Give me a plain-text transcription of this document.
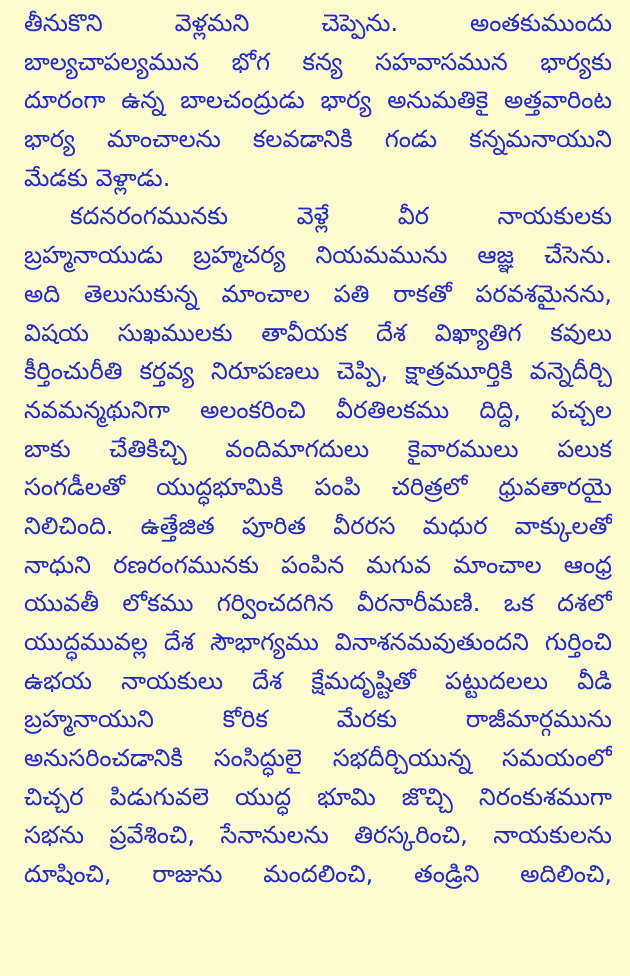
తీనుకొని వెళ్లమని చెప్పెను. అంతకుముందు
బాల్యచాపల్యమున భోగ కన్య సహవాసమున భార్యకు
దూరంగా ఉన్న బాలచంద్రుడు భార్య అనుమతికై అత్తవారింట
భార్య మాంచాలను కలవడానికి గండు కన్నమనాయుని
మేడకు వెళ్లాడు.
కదనరంగమునకు వెళ్లే వీర నాయకులకు
బ్రహ్మనాయుడు బ్రహ్మచర్య నియమమును ఆజ్ఞ చేసెను.
అది తెలుసుకున్న మాంచాల పతి రాకతో పరవశమైనను,
విషయ సుఖములకు తావీయక దేశ విఖ్యాతిగ కవులు
కీర్తించురీతి కర్తవ్య నిరూపణలు చెప్పి, క్షాత్రమూర్తికి వన్నెదీర్చి
నవమన్మథునిగా అలంకరించి వీరతిలకము దిద్ది, పచ్చల
బాకు చేతికిచ్చి వందిమాగదులు కైవారములు పలుక
సంగడీలతో యుద్ధభూమికి పంపి చరిత్రలో ధ్రువతారయై
నిలిచింది. ఉత్తేజిత పూరిత వీరరస మధుర వాక్కులతో
నాధుని రణరంగమునకు పంపిన మగువ మాంచాల ఆంధ్ర
యువతీ లోకము గర్వించదగిన వీరనారీమణి. ఒక దశలో
యుద్ధమువల్ల దేశ సౌభాగ్యము వినాశనమవుతుందని గుర్తించి
ఉభయ నాయకులు దేశ క్షేమదృష్టితో పట్టుదలలు వీడి
బ్రహ్మనాయుని కోరిక మేరకు రాజీమార్గమును
అనుసరించడానికి సంసిద్ధులై సభదీర్చియున్న సమయంలో
చిచ్చర పిడుగువలె యుద్ధ భూమి జొచ్చి నిరంకుశముగా
సభను ప్రవేశించి, సేనానులను తిరస్కరించి, నాయకులను
దూషించి, రాజును మందలించి, తండ్రిని అదిలించి,
